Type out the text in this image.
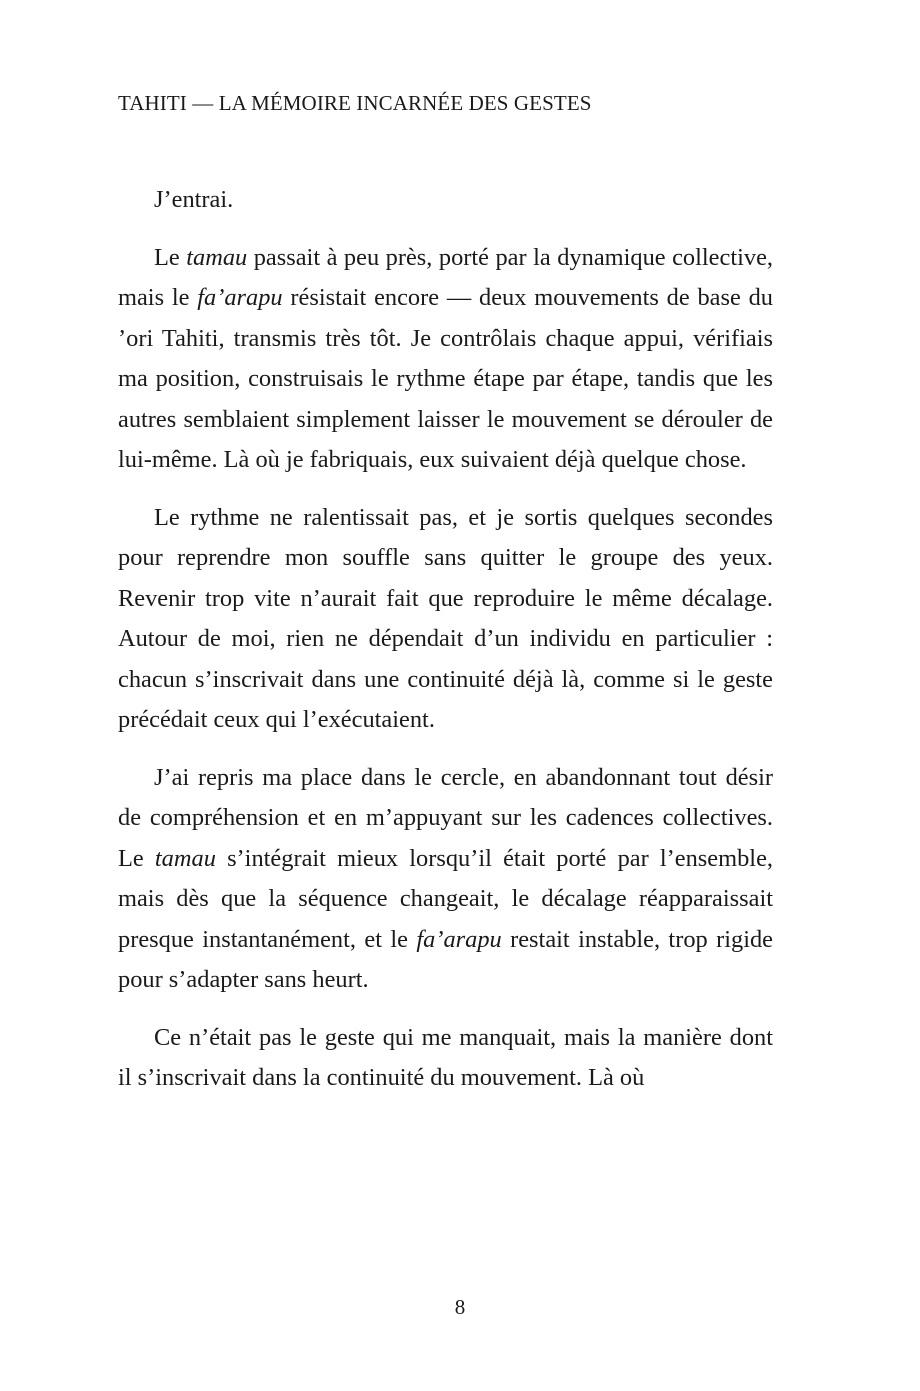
TAHITI — LA MÉMOIRE INCARNÉE DES GESTES

J’entrai.

Le tamau passait à peu près, porté par la dynamique collective, mais le fa’arapu résistait encore — deux mouvements de base du ’ori Tahiti, transmis très tôt. Je contrôlais chaque appui, vérifiais ma position, construisais le rythme étape par étape, tandis que les autres semblaient simplement laisser le mouvement se dérouler de lui-même. Là où je fabriquais, eux suivaient déjà quelque chose.

Le rythme ne ralentissait pas, et je sortis quelques secondes pour reprendre mon souffle sans quitter le groupe des yeux. Revenir trop vite n’aurait fait que reproduire le même décalage. Autour de moi, rien ne dépendait d’un individu en particulier : chacun s’inscrivait dans une continuité déjà là, comme si le geste précédait ceux qui l’exécutaient.

J’ai repris ma place dans le cercle, en abandonnant tout désir de compréhension et en m’appuyant sur les cadences collectives. Le tamau s’intégrait mieux lorsqu’il était porté par l’ensemble, mais dès que la séquence changeait, le décalage réapparaissait presque instantanément, et le fa’arapu restait instable, trop rigide pour s’adapter sans heurt.

Ce n’était pas le geste qui me manquait, mais la manière dont il s’inscrivait dans la continuité du mouvement. Là où

8
